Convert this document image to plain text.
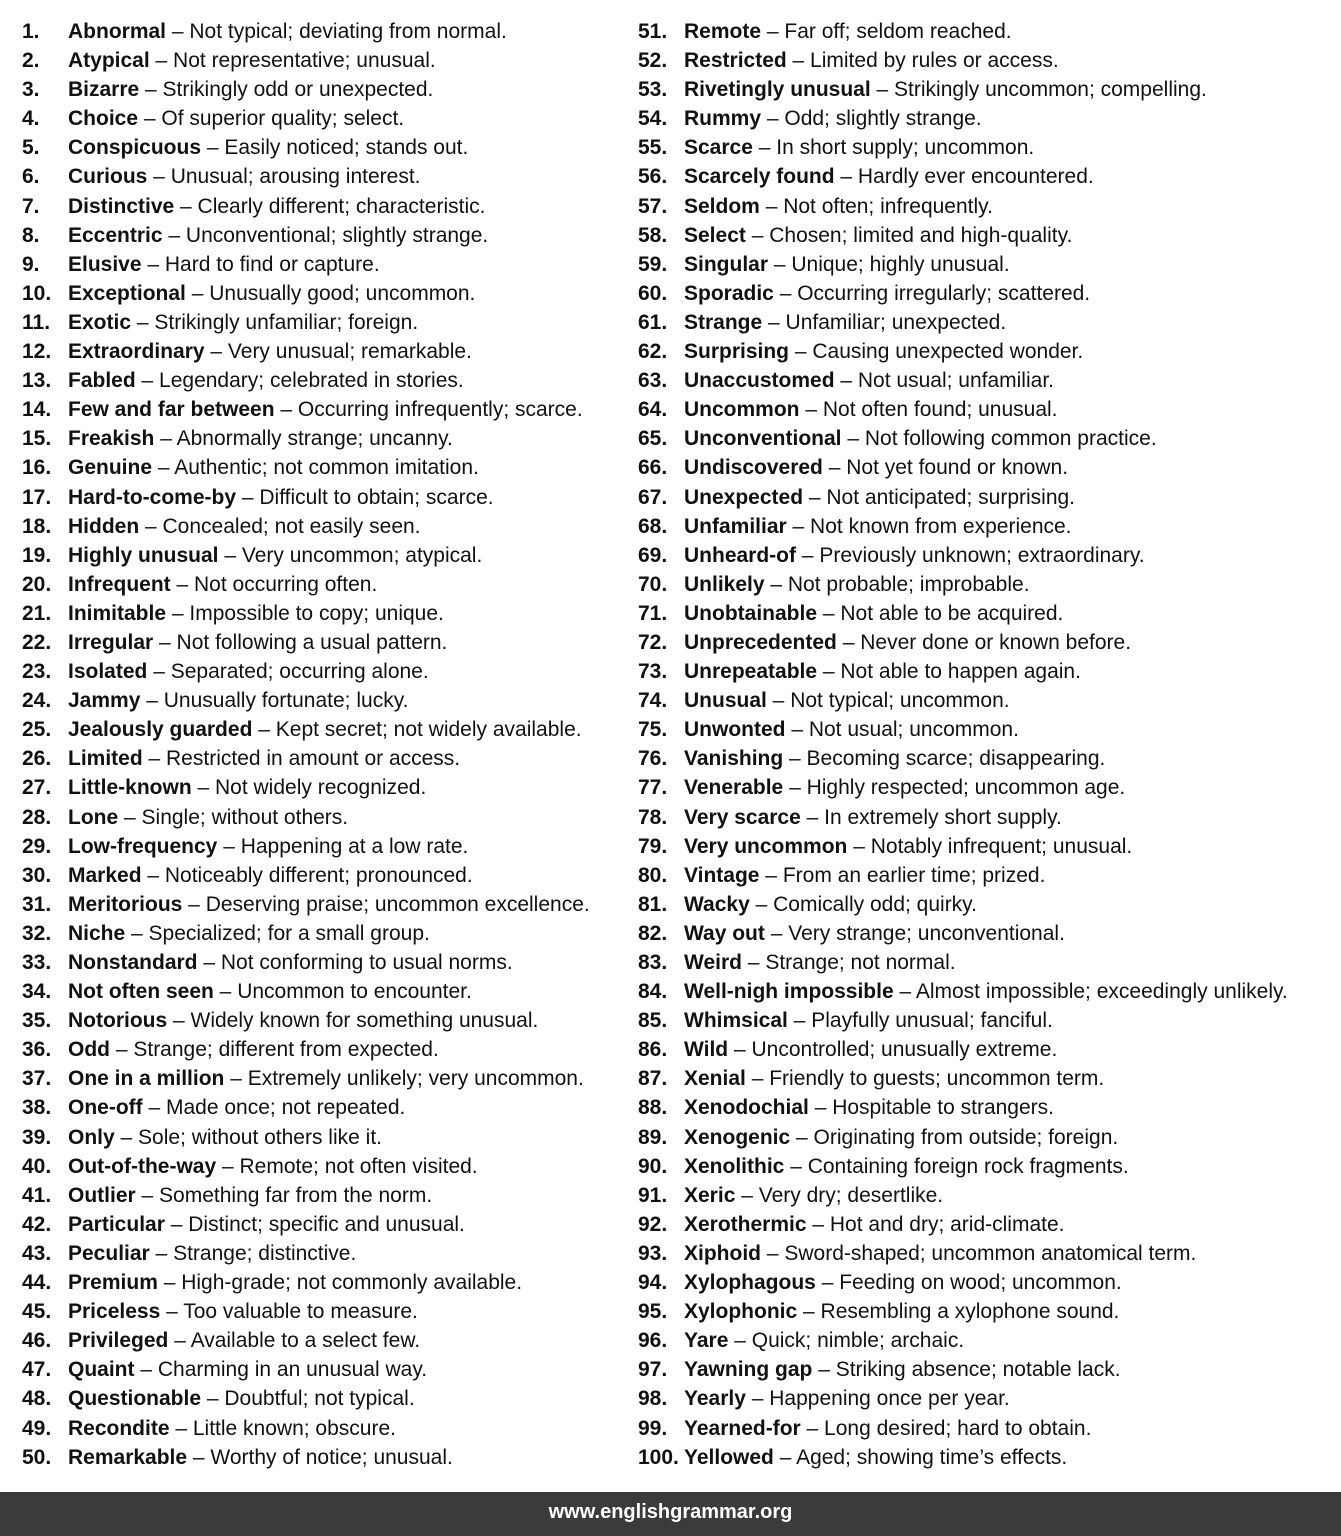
1. Abnormal – Not typical; deviating from normal.
2. Atypical – Not representative; unusual.
3. Bizarre – Strikingly odd or unexpected.
4. Choice – Of superior quality; select.
5. Conspicuous – Easily noticed; stands out.
6. Curious – Unusual; arousing interest.
7. Distinctive – Clearly different; characteristic.
8. Eccentric – Unconventional; slightly strange.
9. Elusive – Hard to find or capture.
10. Exceptional – Unusually good; uncommon.
11. Exotic – Strikingly unfamiliar; foreign.
12. Extraordinary – Very unusual; remarkable.
13. Fabled – Legendary; celebrated in stories.
14. Few and far between – Occurring infrequently; scarce.
15. Freakish – Abnormally strange; uncanny.
16. Genuine – Authentic; not common imitation.
17. Hard-to-come-by – Difficult to obtain; scarce.
18. Hidden – Concealed; not easily seen.
19. Highly unusual – Very uncommon; atypical.
20. Infrequent – Not occurring often.
21. Inimitable – Impossible to copy; unique.
22. Irregular – Not following a usual pattern.
23. Isolated – Separated; occurring alone.
24. Jammy – Unusually fortunate; lucky.
25. Jealously guarded – Kept secret; not widely available.
26. Limited – Restricted in amount or access.
27. Little-known – Not widely recognized.
28. Lone – Single; without others.
29. Low-frequency – Happening at a low rate.
30. Marked – Noticeably different; pronounced.
31. Meritorious – Deserving praise; uncommon excellence.
32. Niche – Specialized; for a small group.
33. Nonstandard – Not conforming to usual norms.
34. Not often seen – Uncommon to encounter.
35. Notorious – Widely known for something unusual.
36. Odd – Strange; different from expected.
37. One in a million – Extremely unlikely; very uncommon.
38. One-off – Made once; not repeated.
39. Only – Sole; without others like it.
40. Out-of-the-way – Remote; not often visited.
41. Outlier – Something far from the norm.
42. Particular – Distinct; specific and unusual.
43. Peculiar – Strange; distinctive.
44. Premium – High-grade; not commonly available.
45. Priceless – Too valuable to measure.
46. Privileged – Available to a select few.
47. Quaint – Charming in an unusual way.
48. Questionable – Doubtful; not typical.
49. Recondite – Little known; obscure.
50. Remarkable – Worthy of notice; unusual.
51. Remote – Far off; seldom reached.
52. Restricted – Limited by rules or access.
53. Rivetingly unusual – Strikingly uncommon; compelling.
54. Rummy – Odd; slightly strange.
55. Scarce – In short supply; uncommon.
56. Scarcely found – Hardly ever encountered.
57. Seldom – Not often; infrequently.
58. Select – Chosen; limited and high-quality.
59. Singular – Unique; highly unusual.
60. Sporadic – Occurring irregularly; scattered.
61. Strange – Unfamiliar; unexpected.
62. Surprising – Causing unexpected wonder.
63. Unaccustomed – Not usual; unfamiliar.
64. Uncommon – Not often found; unusual.
65. Unconventional – Not following common practice.
66. Undiscovered – Not yet found or known.
67. Unexpected – Not anticipated; surprising.
68. Unfamiliar – Not known from experience.
69. Unheard-of – Previously unknown; extraordinary.
70. Unlikely – Not probable; improbable.
71. Unobtainable – Not able to be acquired.
72. Unprecedented – Never done or known before.
73. Unrepeatable – Not able to happen again.
74. Unusual – Not typical; uncommon.
75. Unwonted – Not usual; uncommon.
76. Vanishing – Becoming scarce; disappearing.
77. Venerable – Highly respected; uncommon age.
78. Very scarce – In extremely short supply.
79. Very uncommon – Notably infrequent; unusual.
80. Vintage – From an earlier time; prized.
81. Wacky – Comically odd; quirky.
82. Way out – Very strange; unconventional.
83. Weird – Strange; not normal.
84. Well-nigh impossible – Almost impossible; exceedingly unlikely.
85. Whimsical – Playfully unusual; fanciful.
86. Wild – Uncontrolled; unusually extreme.
87. Xenial – Friendly to guests; uncommon term.
88. Xenodochial – Hospitable to strangers.
89. Xenogenic – Originating from outside; foreign.
90. Xenolithic – Containing foreign rock fragments.
91. Xeric – Very dry; desertlike.
92. Xerothermic – Hot and dry; arid-climate.
93. Xiphoid – Sword-shaped; uncommon anatomical term.
94. Xylophagous – Feeding on wood; uncommon.
95. Xylophonic – Resembling a xylophone sound.
96. Yare – Quick; nimble; archaic.
97. Yawning gap – Striking absence; notable lack.
98. Yearly – Happening once per year.
99. Yearned-for – Long desired; hard to obtain.
100. Yellowed – Aged; showing time’s effects.
www.englishgrammar.org
